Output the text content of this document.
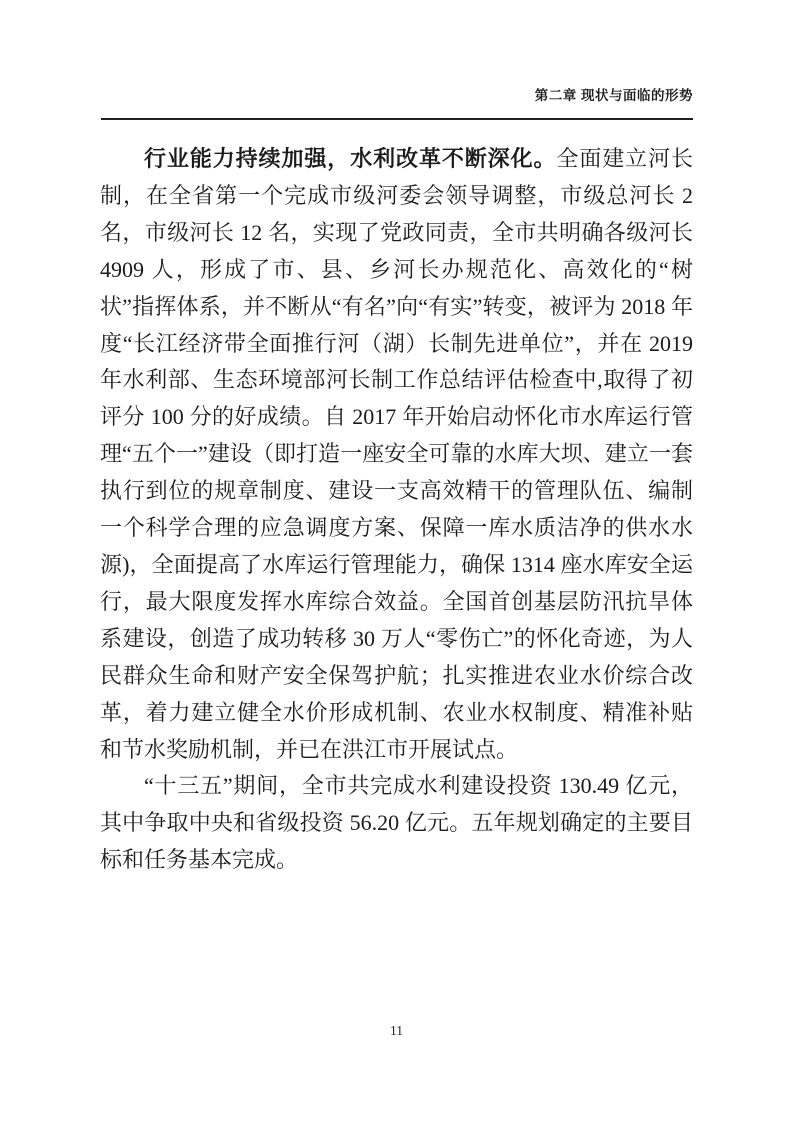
第二章 现状与面临的形势

行业能力持续加强，水利改革不断深化。全面建立河长制，在全省第一个完成市级河委会领导调整，市级总河长 2 名，市级河长 12 名，实现了党政同责，全市共明确各级河长 4909 人，形成了市、县、乡河长办规范化、高效化的“树状”指挥体系，并不断从“有名”向“有实”转变，被评为 2018 年度“长江经济带全面推行河（湖）长制先进单位”，并在 2019 年水利部、生态环境部河长制工作总结评估检查中,取得了初评分 100 分的好成绩。自 2017 年开始启动怀化市水库运行管理“五个一”建设（即打造一座安全可靠的水库大坝、建立一套执行到位的规章制度、建设一支高效精干的管理队伍、编制一个科学合理的应急调度方案、保障一库水质洁净的供水水源)，全面提高了水库运行管理能力，确保 1314 座水库安全运行，最大限度发挥水库综合效益。全国首创基层防汛抗旱体系建设，创造了成功转移 30 万人“零伤亡”的怀化奇迹，为人民群众生命和财产安全保驾护航；扎实推进农业水价综合改革，着力建立健全水价形成机制、农业水权制度、精准补贴和节水奖励机制，并已在洪江市开展试点。

“十三五”期间，全市共完成水利建设投资 130.49 亿元，其中争取中央和省级投资 56.20 亿元。五年规划确定的主要目标和任务基本完成。

11
